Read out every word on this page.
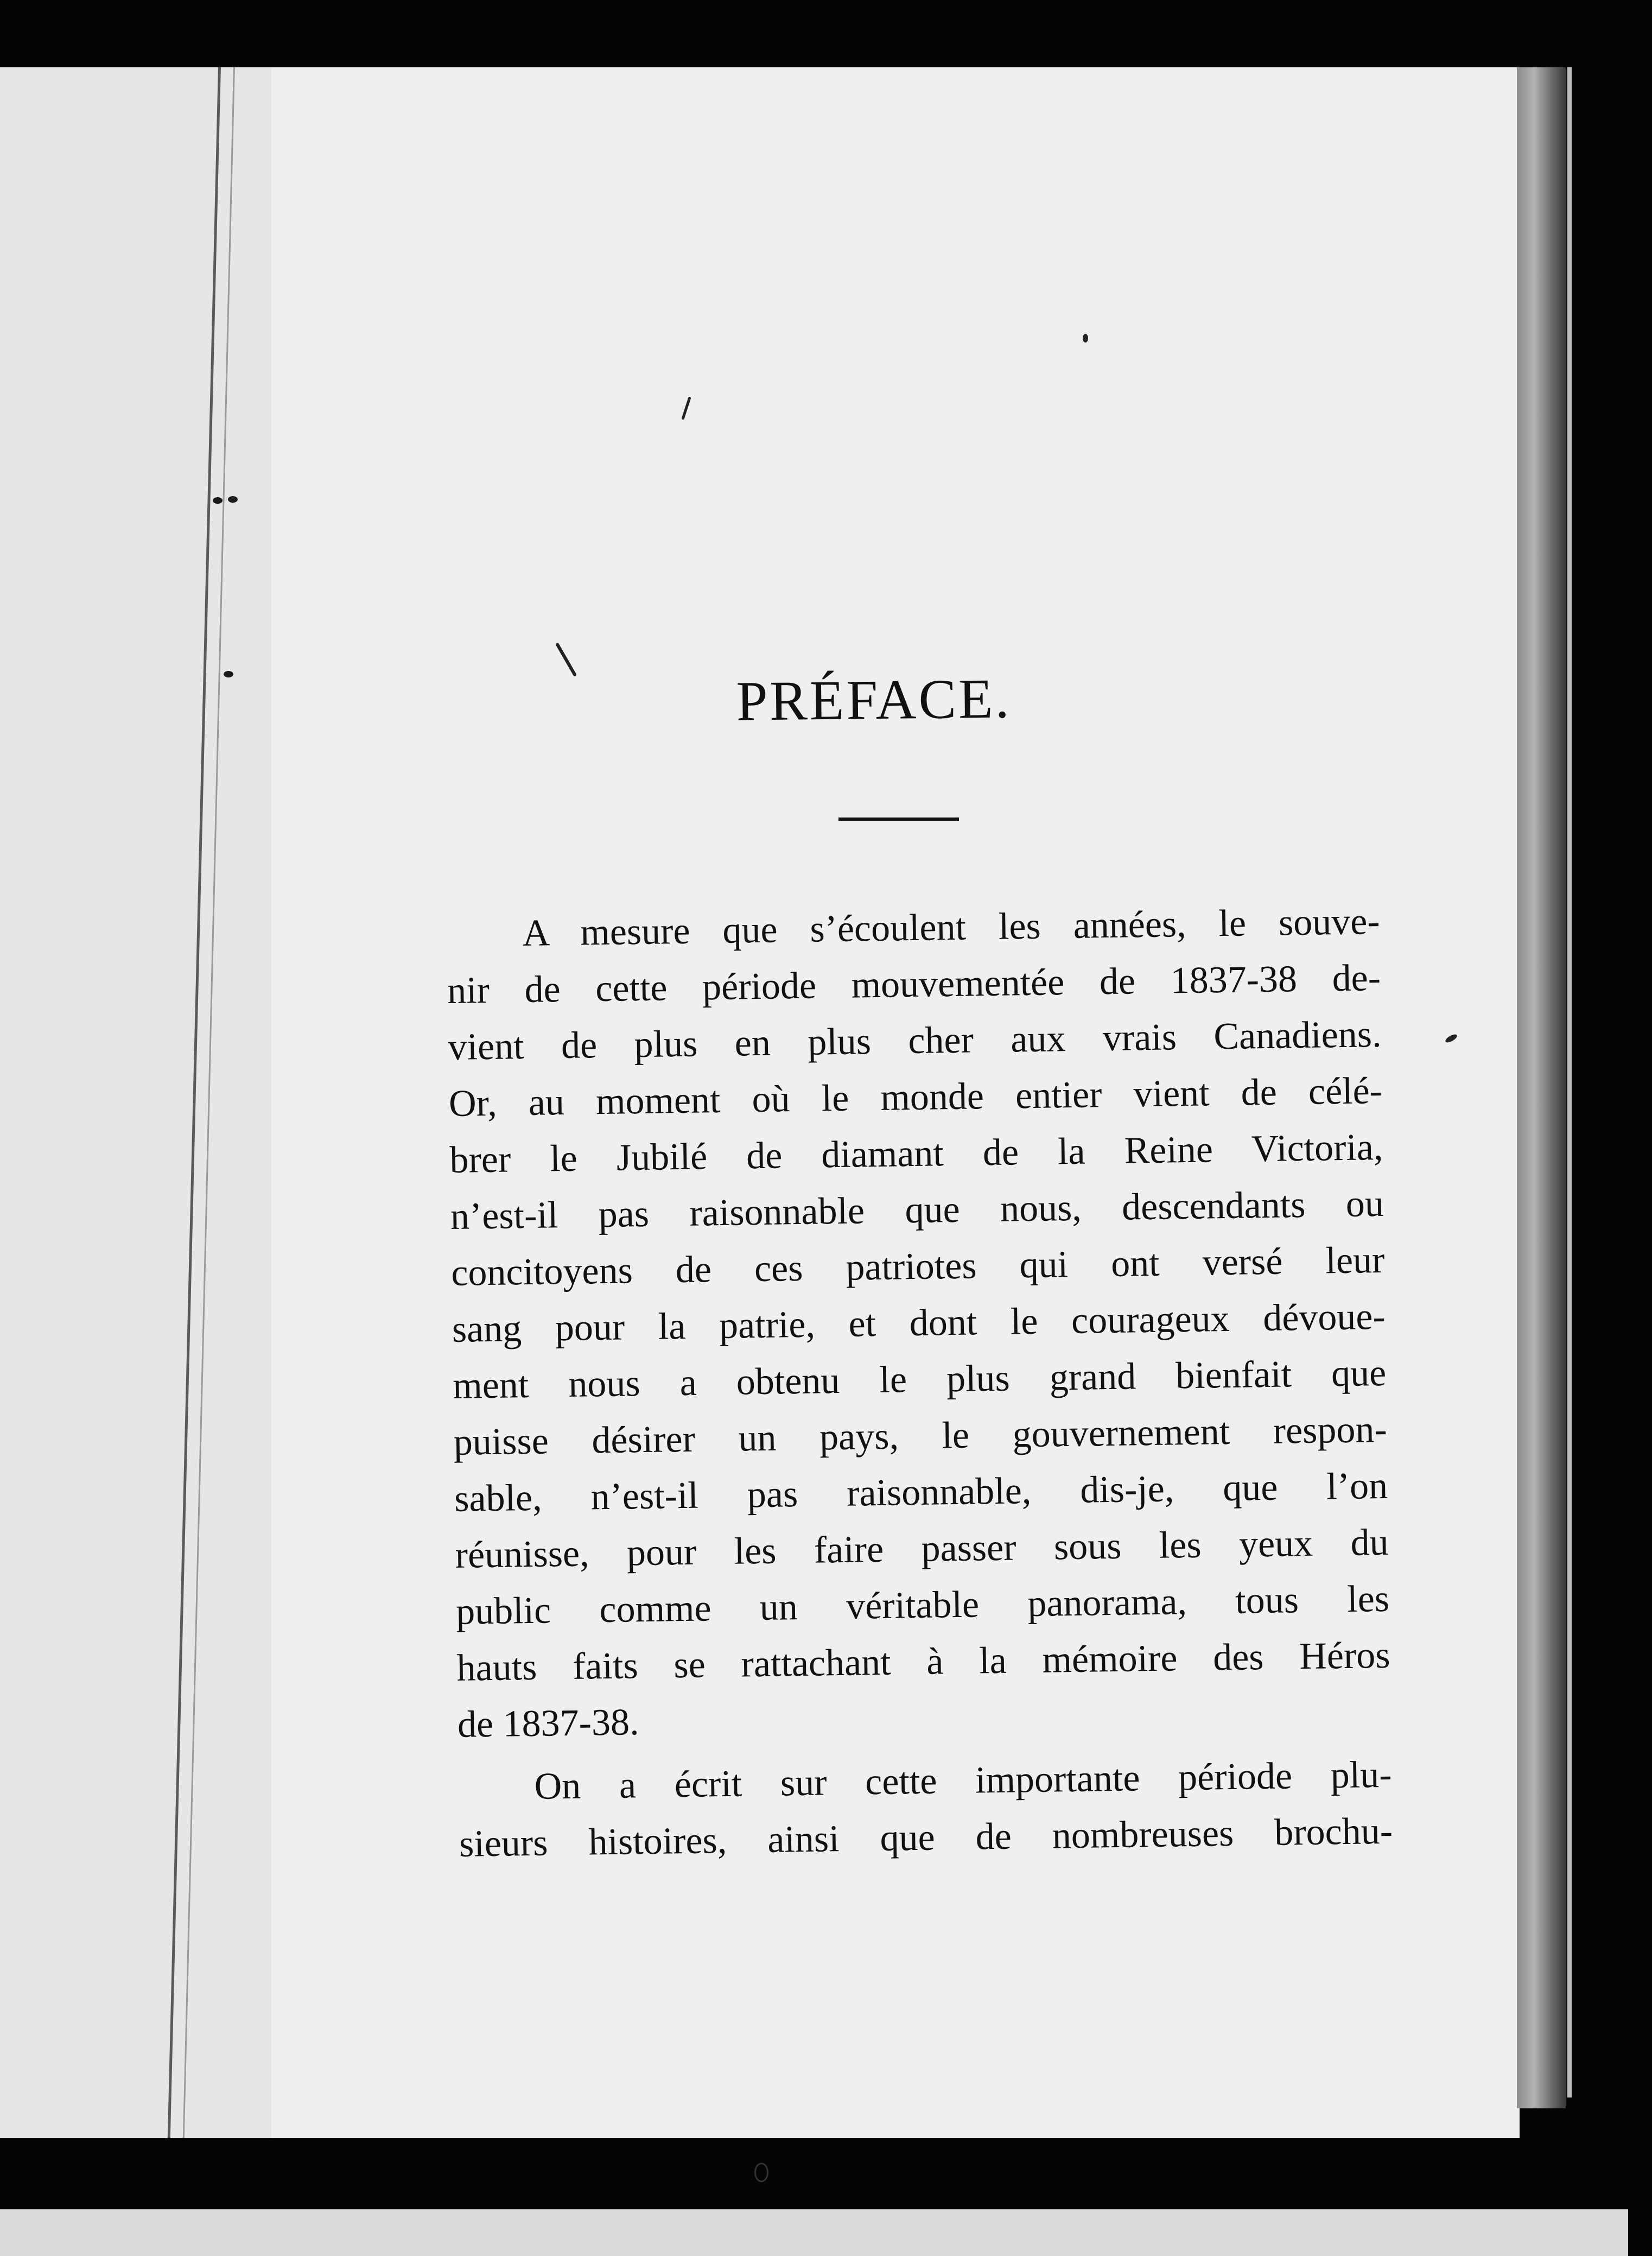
PRÉFACE.

A mesure que s’écoulent les années, le souve-
nir de cette période mouvementée de 1837-38 de-
vient de plus en plus cher aux vrais Canadiens.
Or, au moment où le monde entier vient de célé-
brer le Jubilé de diamant de la Reine Victoria,
n’est-il pas raisonnable que nous, descendants ou
concitoyens de ces patriotes qui ont versé leur
sang pour la patrie, et dont le courageux dévoue-
ment nous a obtenu le plus grand bienfait que
puisse désirer un pays, le gouvernement respon-
sable, n’est-il pas raisonnable, dis-je, que l’on
réunisse, pour les faire passer sous les yeux du
public comme un véritable panorama, tous les
hauts faits se rattachant à la mémoire des Héros
de 1837-38.

On a écrit sur cette importante période plu-
sieurs histoires, ainsi que de nombreuses brochu-
